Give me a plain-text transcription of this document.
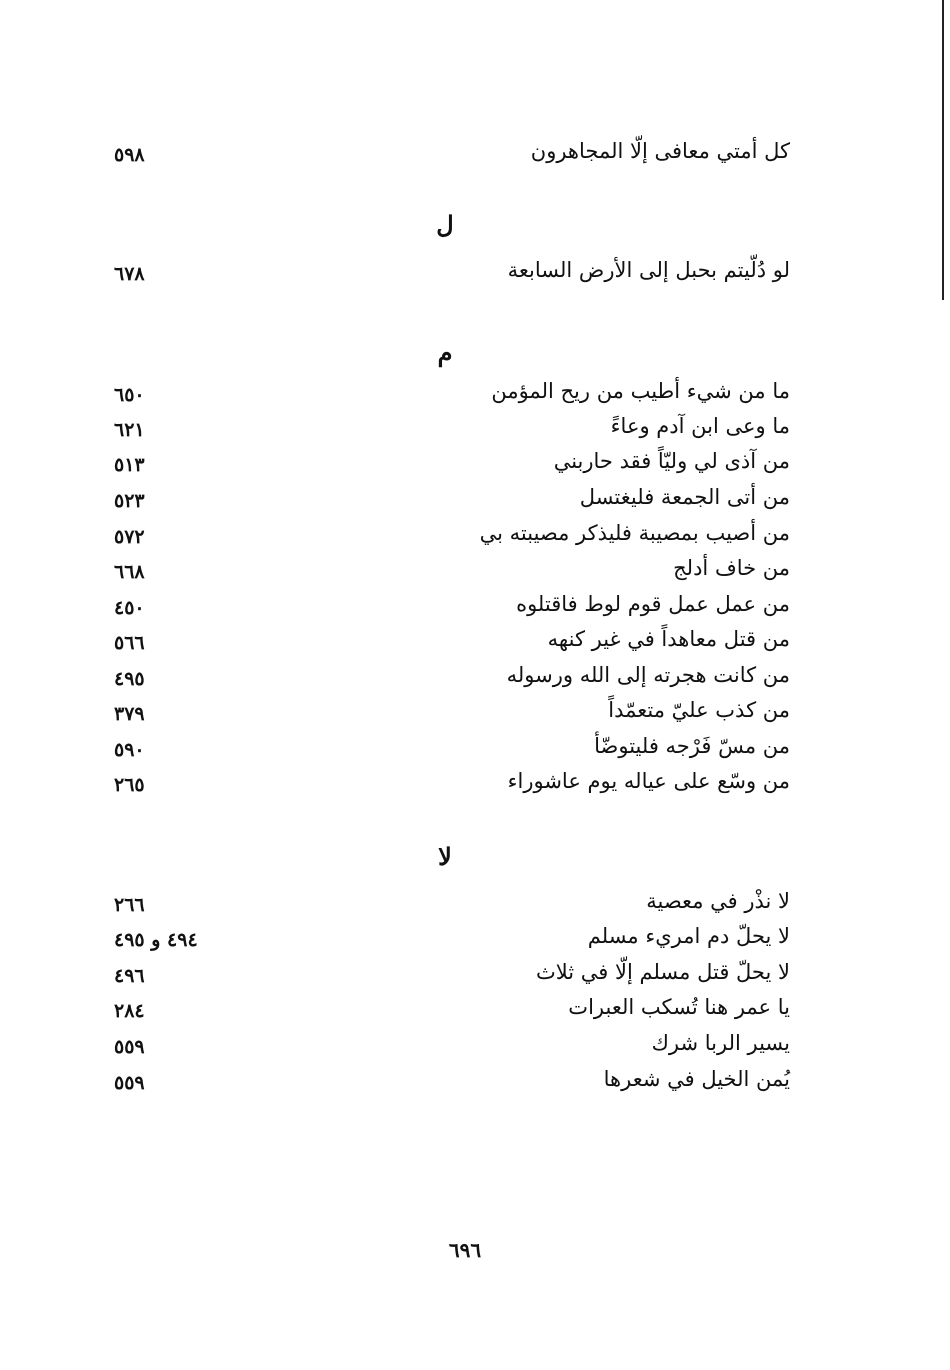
كل أمتي معافى إلّا المجاهرون
٥٩٨
ل
لو دُلّيتم بحبل إلى الأرض السابعة
٦٧٨
م
ما من شيء أطيب من ريح المؤمن
٦٥٠
ما وعى ابن آدم وعاءً
٦٢١
من آذى لي وليّاً فقد حاربني
٥١٣
من أتى الجمعة فليغتسل
٥٢٣
من أصيب بمصيبة فليذكر مصيبته بي
٥٧٢
من خاف أدلج
٦٦٨
من عمل عمل قوم لوط فاقتلوه
٤٥٠
من قتل معاهداً في غير كنهه
٥٦٦
من كانت هجرته إلى الله ورسوله
٤٩٥
من كذب عليّ متعمّداً
٣٧٩
من مسّ فَرْجه فليتوضّأ
٥٩٠
من وسّع على عياله يوم عاشوراء
٢٦٥
لا
لا نذْر في معصية
٢٦٦
لا يحلّ دم امريء مسلم
٤٩٤ و ٤٩٥
لا يحلّ قتل مسلم إلّا في ثلاث
٤٩٦
يا عمر هنا تُسكب العبرات
٢٨٤
يسير الربا شرك
٥٥٩
يُمن الخيل في شعرها
٥٥٩
٦٩٦
